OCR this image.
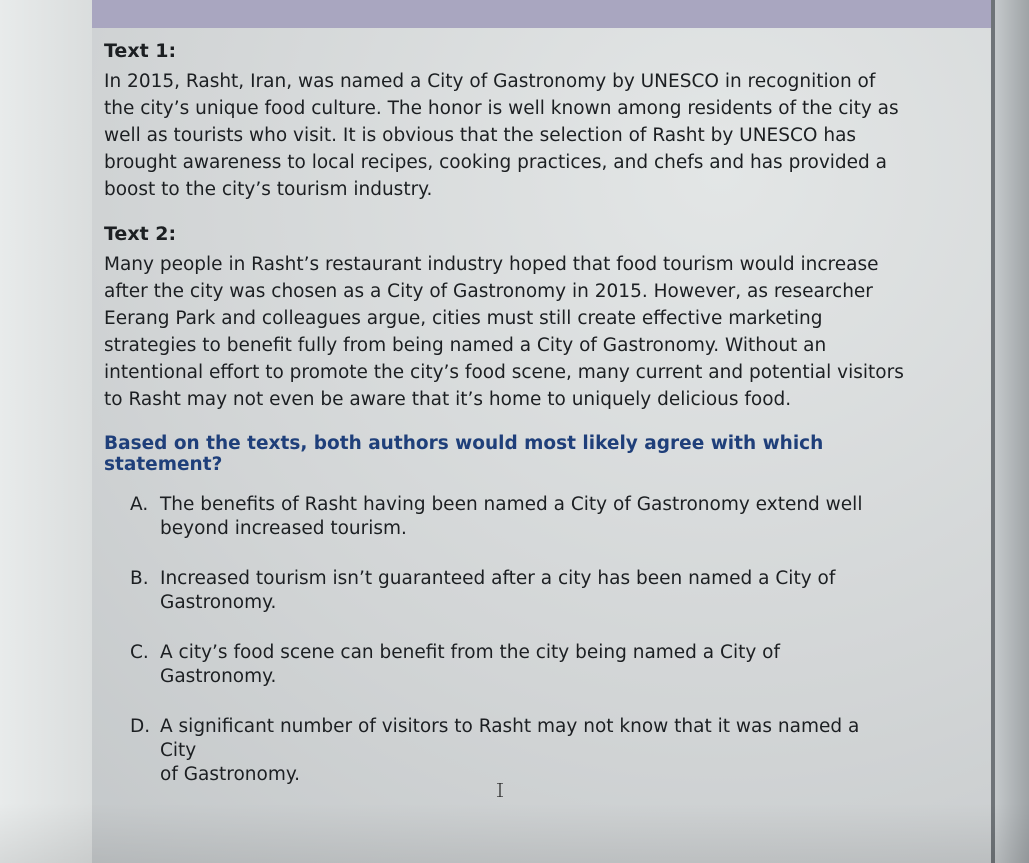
Text 1:

In 2015, Rasht, Iran, was named a City of Gastronomy by UNESCO in recognition of
the city’s unique food culture. The honor is well known among residents of the city as
well as tourists who visit. It is obvious that the selection of Rasht by UNESCO has
brought awareness to local recipes, cooking practices, and chefs and has provided a
boost to the city’s tourism industry.

Text 2:

Many people in Rasht’s restaurant industry hoped that food tourism would increase
after the city was chosen as a City of Gastronomy in 2015. However, as researcher
Eerang Park and colleagues argue, cities must still create effective marketing
strategies to benefit fully from being named a City of Gastronomy. Without an
intentional effort to promote the city’s food scene, many current and potential visitors
to Rasht may not even be aware that it’s home to uniquely delicious food.

Based on the texts, both authors would most likely agree with which statement?

A. The benefits of Rasht having been named a City of Gastronomy extend well
beyond increased tourism.
B. Increased tourism isn’t guaranteed after a city has been named a City of
Gastronomy.
C. A city’s food scene can benefit from the city being named a City of
Gastronomy.
D. A significant number of visitors to Rasht may not know that it was named a City
of Gastronomy.
